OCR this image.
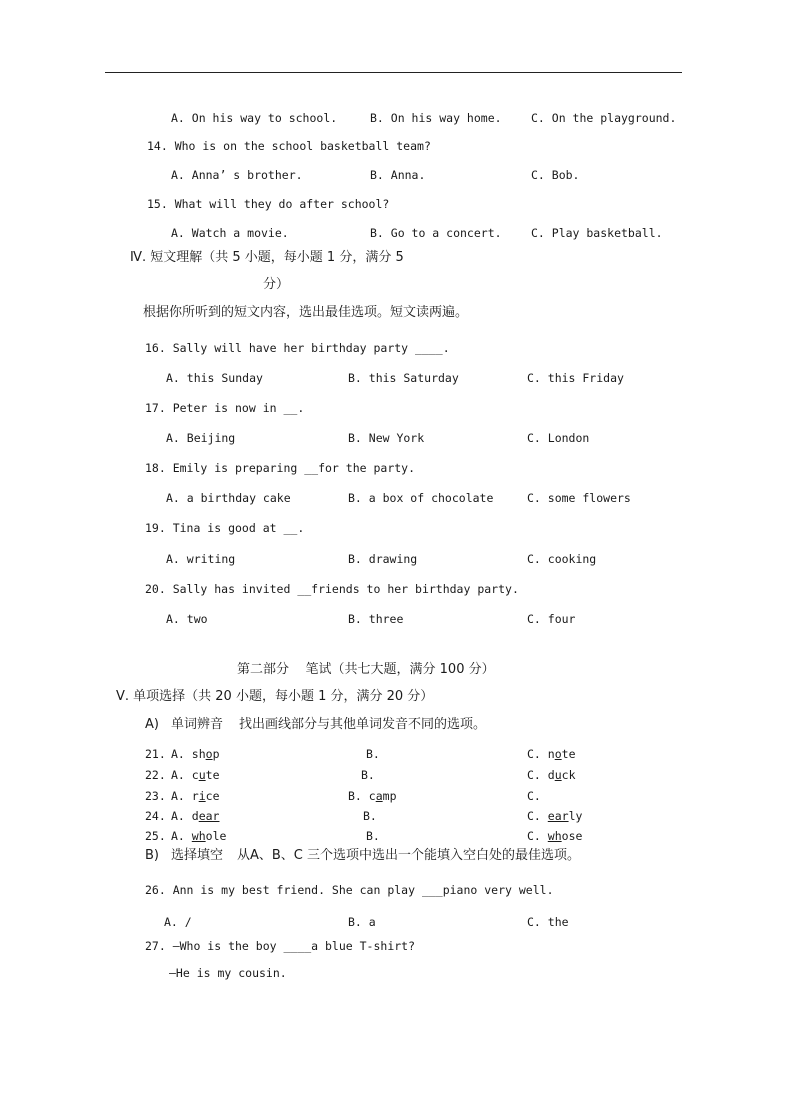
A. On his way to school.	B. On his way home.	C. On the playground.
14. Who is on the school basketball team?
A. Anna’ s brother.	B. Anna.	C. Bob.
15. What will they do after school?
A. Watch a movie.	B. Go to a concert.	C. Play basketball.
Ⅳ. 短文理解（共 5 小题，每小题 1 分，满分 5
分）
根据你所听到的短文内容，选出最佳选项。短文读两遍。
16. Sally will have her birthday party ____.
A. this Sunday	B. this Saturday	C. this Friday
17. Peter is now in __.
A. Beijing	B. New York	C. London
18. Emily is preparing __for the party.
A. a birthday cake	B. a box of chocolate	C. some flowers
19. Tina is good at __.
A. writing	B. drawing	C. cooking
20. Sally has invited __friends to her birthday party.
A. two	B. three	C. four
第二部分    笔试（共七大题，满分 100 分）
Ⅴ. 单项选择（共 20 小题，每小题 1 分，满分 20 分）
A) 单词辨音 找出画线部分与其他单词发音不同的选项。
21. A. shop	B.	C. note
22. A. cute	B.	C. duck
23. A. rice	B. camp	C.
24. A. dear	B.	C. early
25. A. whole	B.	C. whose
B) 选择填空 从A、B、C 三个选项中选出一个能填入空白处的最佳选项。
26. Ann is my best friend. She can play ___piano very well.
A. /	B. a	C. the
27. —Who is the boy ____a blue T-shirt?
—He is my cousin.
